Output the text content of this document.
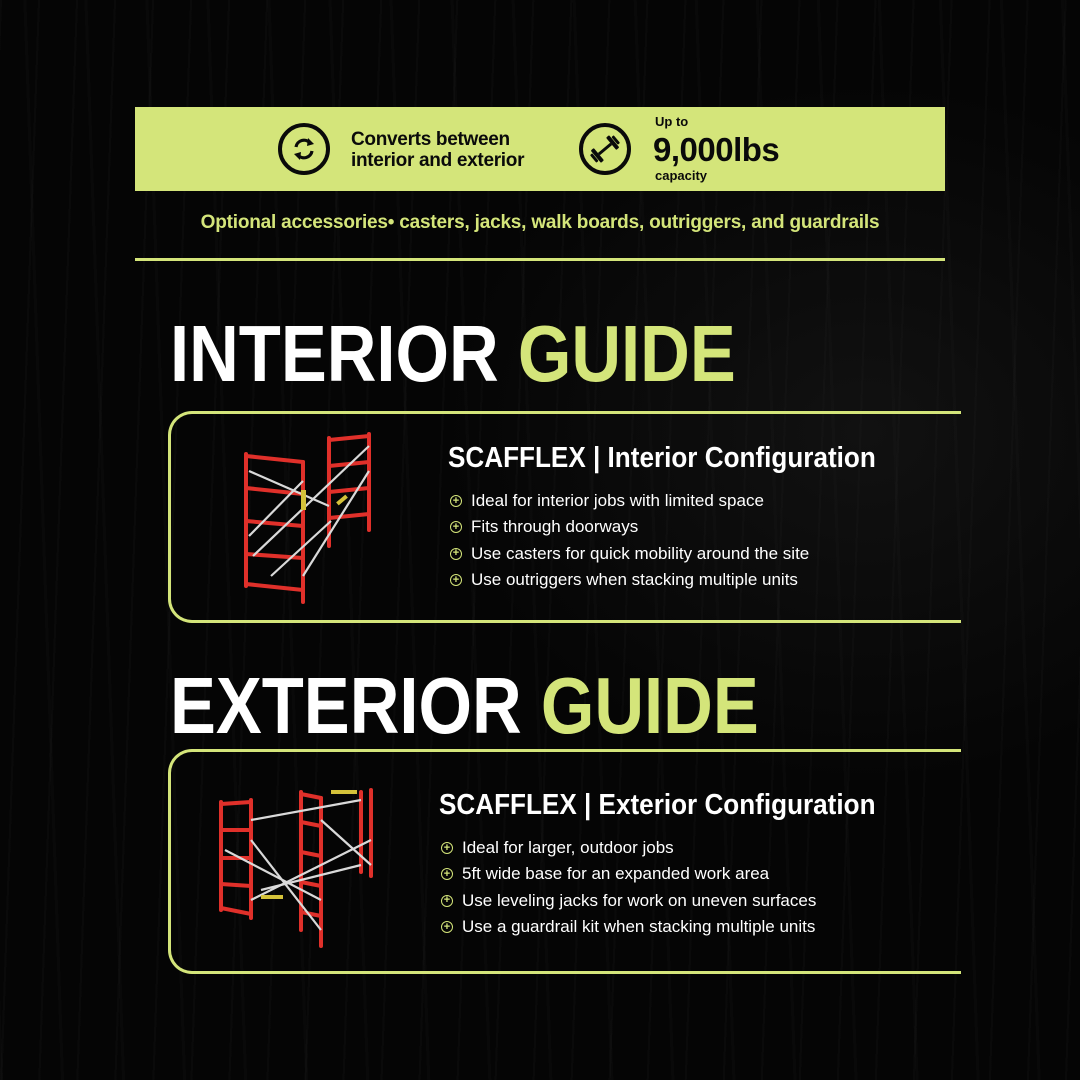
Converts between interior and exterior
Up to
9,000lbs
capacity
Optional accessories• casters, jacks, walk boards, outriggers, and guardrails
INTERIOR GUIDE
SCAFFLEX | Interior Configuration
+ Ideal for interior jobs with limited space
+ Fits through doorways
+ Use casters for quick mobility around the site
+ Use outriggers when stacking multiple units
EXTERIOR GUIDE
SCAFFLEX | Exterior Configuration
+ Ideal for larger, outdoor jobs
+ 5ft wide base for an expanded work area
+ Use leveling jacks for work on uneven surfaces
+ Use a guardrail kit when stacking multiple units
